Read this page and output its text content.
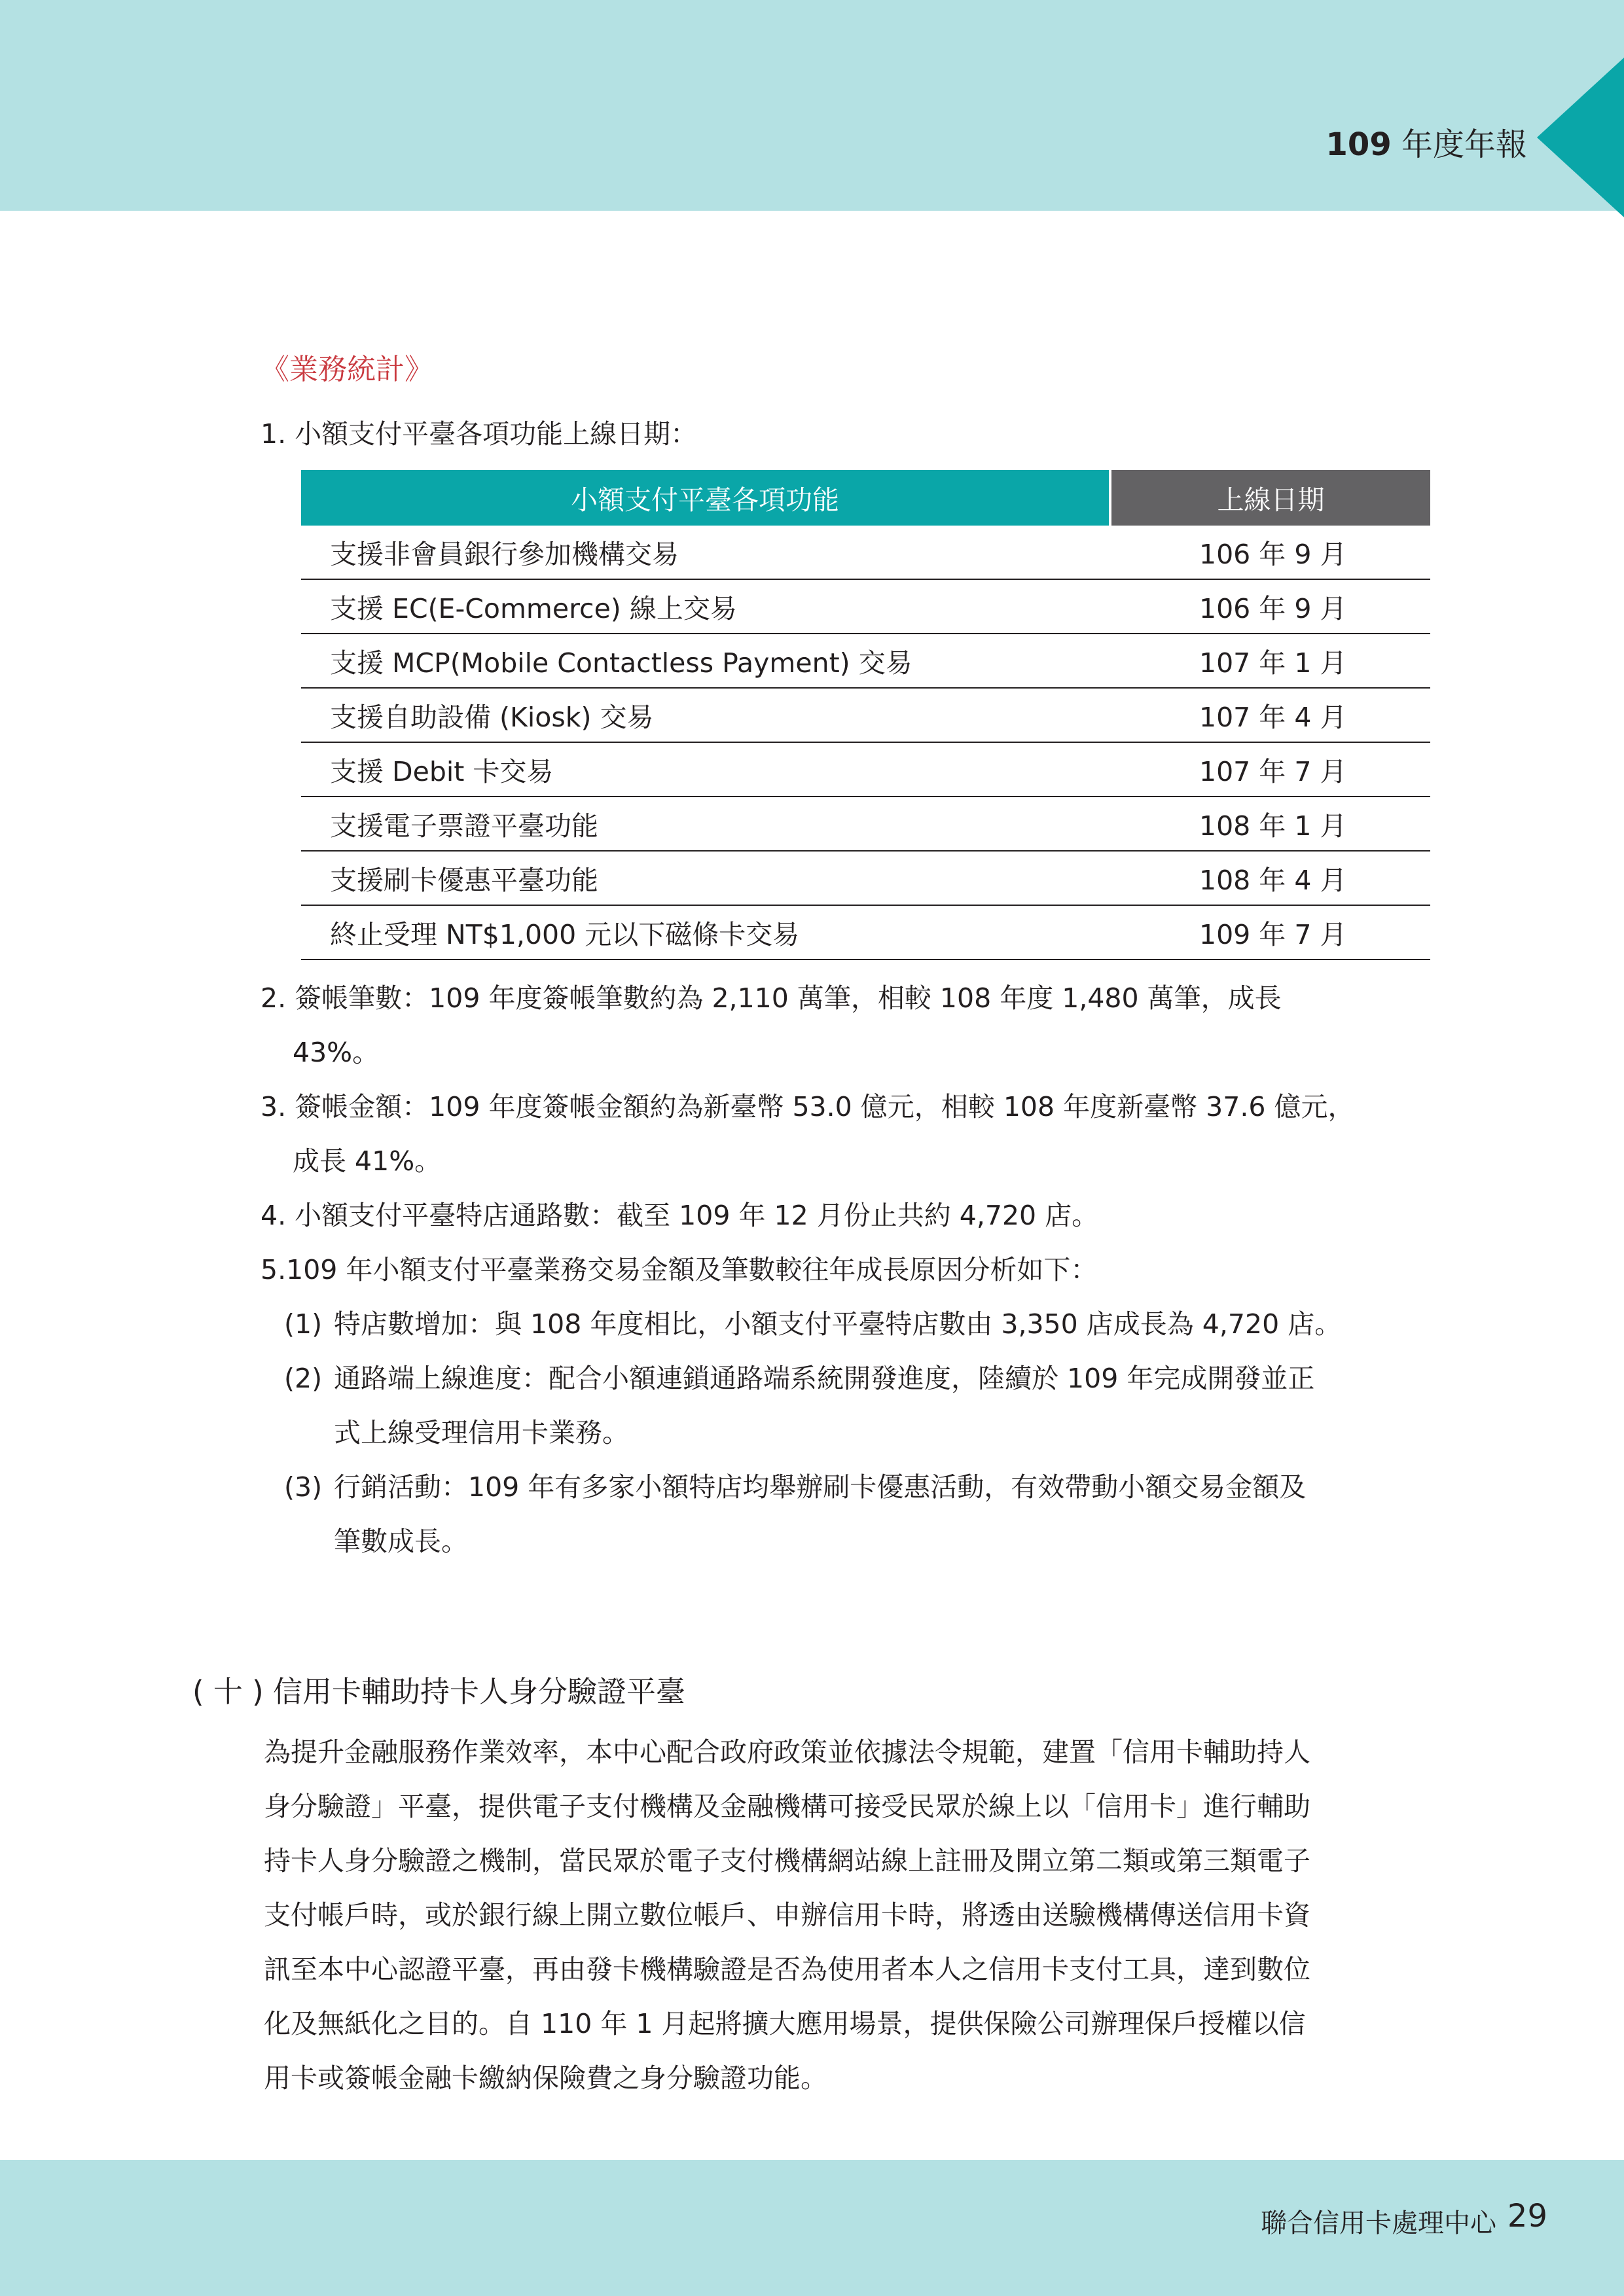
109 年度年報
《業務統計》
1. 小額支付平臺各項功能上線日期：
小額支付平臺各項功能	上線日期
支援非會員銀行參加機構交易	106 年 9 月
支援 EC(E-Commerce) 線上交易	106 年 9 月
支援 MCP(Mobile Contactless Payment) 交易	107 年 1 月
支援自助設備 (Kiosk) 交易	107 年 4 月
支援 Debit 卡交易	107 年 7 月
支援電子票證平臺功能	108 年 1 月
支援刷卡優惠平臺功能	108 年 4 月
終止受理 NT$1,000 元以下磁條卡交易	109 年 7 月
2. 簽帳筆數：109 年度簽帳筆數約為 2,110 萬筆，相較 108 年度 1,480 萬筆，成長
43%。
3. 簽帳金額：109 年度簽帳金額約為新臺幣 53.0 億元，相較 108 年度新臺幣 37.6 億元，
成長 41%。
4. 小額支付平臺特店通路數：截至 109 年 12 月份止共約 4,720 店。
5.109 年小額支付平臺業務交易金額及筆數較往年成長原因分析如下：
(1) 特店數增加：與 108 年度相比，小額支付平臺特店數由 3,350 店成長為 4,720 店。
(2) 通路端上線進度：配合小額連鎖通路端系統開發進度，陸續於 109 年完成開發並正
式上線受理信用卡業務。
(3) 行銷活動：109 年有多家小額特店均舉辦刷卡優惠活動，有效帶動小額交易金額及
筆數成長。
( 十 ) 信用卡輔助持卡人身分驗證平臺
為提升金融服務作業效率，本中心配合政府政策並依據法令規範，建置「信用卡輔助持人
身分驗證」平臺，提供電子支付機構及金融機構可接受民眾於線上以「信用卡」進行輔助
持卡人身分驗證之機制，當民眾於電子支付機構網站線上註冊及開立第二類或第三類電子
支付帳戶時，或於銀行線上開立數位帳戶、申辦信用卡時，將透由送驗機構傳送信用卡資
訊至本中心認證平臺，再由發卡機構驗證是否為使用者本人之信用卡支付工具，達到數位
化及無紙化之目的。自 110 年 1 月起將擴大應用場景，提供保險公司辦理保戶授權以信
用卡或簽帳金融卡繳納保險費之身分驗證功能。
聯合信用卡處理中心 29
